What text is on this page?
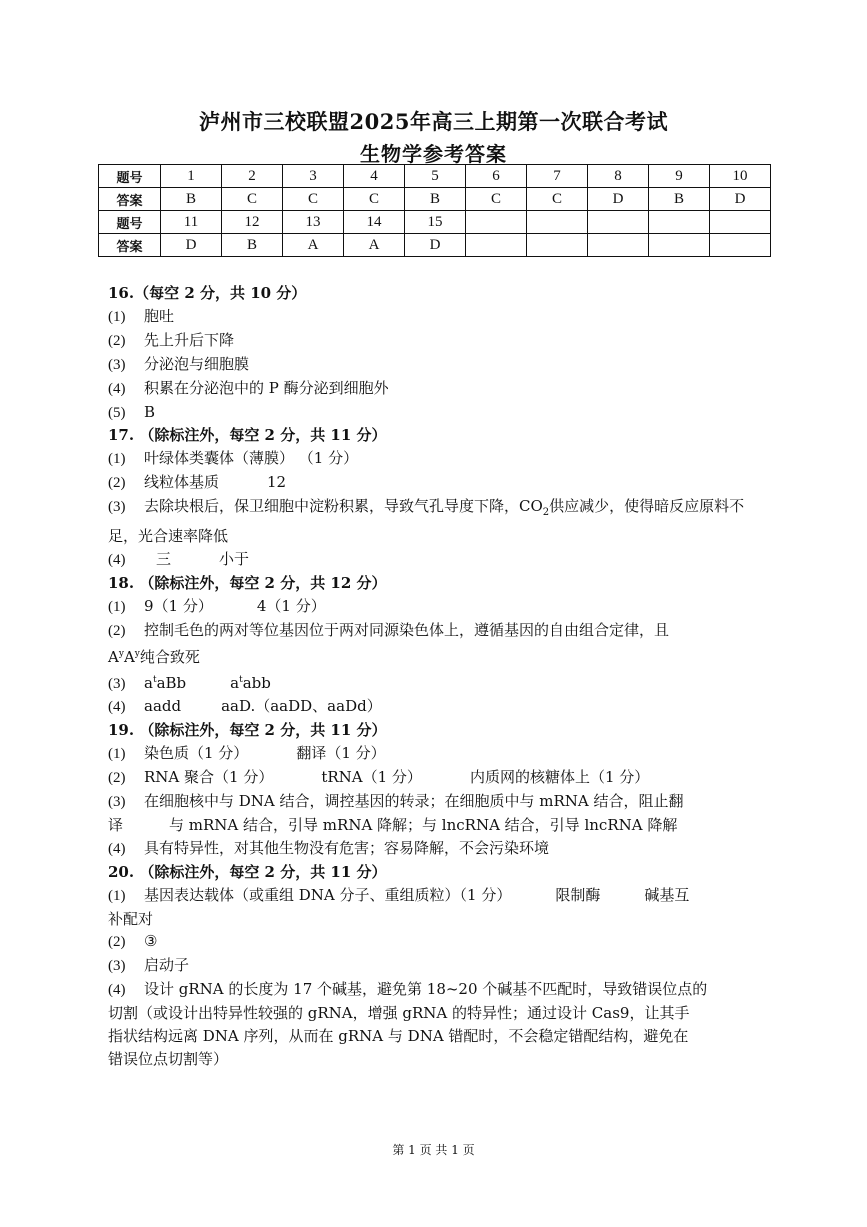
泸州市三校联盟2025年高三上期第一次联合考试
生物学参考答案
题号	1	2	3	4	5	6	7	8	9	10
答案	B	C	C	C	B	C	C	D	B	D
题号	11	12	13	14	15					
答案	D	B	A	A	D					
16.（每空 2 分，共 10 分）
(1) 胞吐
(2) 先上升后下降
(3) 分泌泡与细胞膜
(4) 积累在分泌泡中的 P 酶分泌到细胞外
(5) B
17. （除标注外，每空 2 分，共 11 分）
(1) 叶绿体类囊体（薄膜） （1 分）
(2) 线粒体基质	12
(3) 去除块根后，保卫细胞中淀粉积累，导致气孔导度下降，$CO_2$供应减少，使得暗反应原料不足，光合速率降低
(4) 三	小于
18. （除标注外，每空 2 分，共 12 分）
(1) 9（1 分）	4（1 分）
(2) 控制毛色的两对等位基因位于两对同源染色体上，遵循基因的自由组合定律，且
$A^yA^y$纯合致死
(3) $a^taBb$	$a^tabb$
(4) aadd	aaD.（aaDD、aaDd）
19. （除标注外，每空 2 分，共 11 分）
(1) 染色质（1 分）	翻译（1 分）
(2) RNA 聚合（1 分）	tRNA（1 分）	内质网的核糖体上（1 分）
(3) 在细胞核中与 DNA 结合，调控基因的转录；在细胞质中与 mRNA 结合，阻止翻
译	与 mRNA 结合，引导 mRNA 降解；与 lncRNA 结合，引导 lncRNA 降解
(4) 具有特异性，对其他生物没有危害；容易降解，不会污染环境
20. （除标注外，每空 2 分，共 11 分）
(1) 基因表达载体（或重组 DNA 分子、重组质粒）（1 分）	限制酶	碱基互
补配对
(2) ③
(3) 启动子
(4) 设计 gRNA 的长度为 17 个碱基，避免第 18~20 个碱基不匹配时，导致错误位点的
切割（或设计出特异性较强的 gRNA，增强 gRNA 的特异性；通过设计 Cas9，让其手
指状结构远离 DNA 序列，从而在 gRNA 与 DNA 错配时，不会稳定错配结构，避免在
错误位点切割等）
第 1 页 共 1 页
